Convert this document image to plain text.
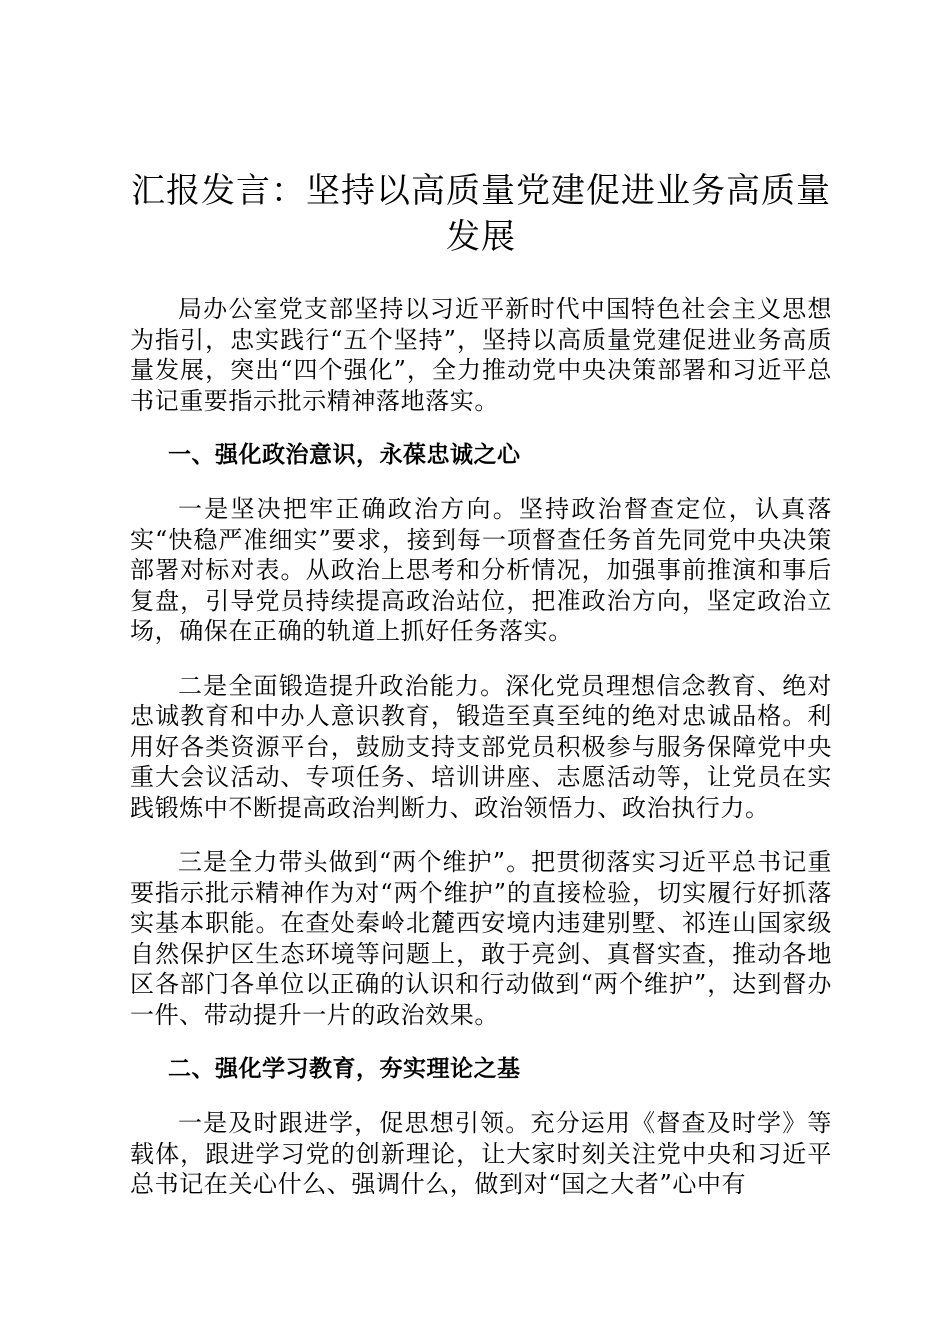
汇报发言：坚持以高质量党建促进业务高质量发展

局办公室党支部坚持以习近平新时代中国特色社会主义思想为指引，忠实践行“五个坚持”，坚持以高质量党建促进业务高质量发展，突出“四个强化”，全力推动党中央决策部署和习近平总书记重要指示批示精神落地落实。

一、强化政治意识，永葆忠诚之心

一是坚决把牢正确政治方向。坚持政治督查定位，认真落实“快稳严准细实”要求，接到每一项督查任务首先同党中央决策部署对标对表。从政治上思考和分析情况，加强事前推演和事后复盘，引导党员持续提高政治站位，把准政治方向，坚定政治立场，确保在正确的轨道上抓好任务落实。

二是全面锻造提升政治能力。深化党员理想信念教育、绝对忠诚教育和中办人意识教育，锻造至真至纯的绝对忠诚品格。利用好各类资源平台，鼓励支持支部党员积极参与服务保障党中央重大会议活动、专项任务、培训讲座、志愿活动等，让党员在实践锻炼中不断提高政治判断力、政治领悟力、政治执行力。

三是全力带头做到“两个维护”。把贯彻落实习近平总书记重要指示批示精神作为对“两个维护”的直接检验，切实履行好抓落实基本职能。在查处秦岭北麓西安境内违建别墅、祁连山国家级自然保护区生态环境等问题上，敢于亮剑、真督实查，推动各地区各部门各单位以正确的认识和行动做到“两个维护”，达到督办一件、带动提升一片的政治效果。

二、强化学习教育，夯实理论之基

一是及时跟进学，促思想引领。充分运用《督查及时学》等载体，跟进学习党的创新理论，让大家时刻关注党中央和习近平总书记在关心什么、强调什么，做到对“国之大者”心中有
